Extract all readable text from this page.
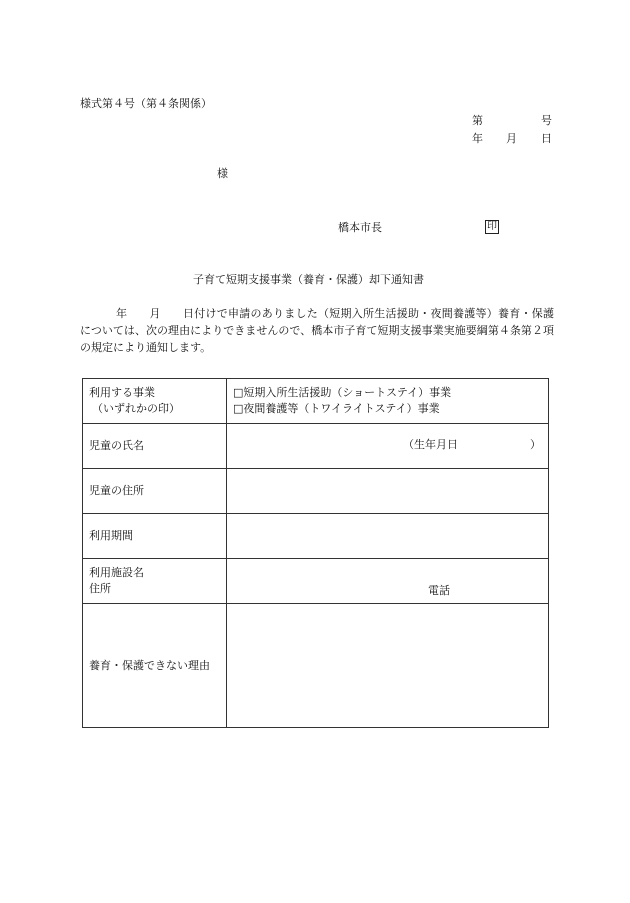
様式第４号（第４条関係）
第	号
年 月 日
様
橋本市長	印
子育て短期支援事業（養育・保護）却下通知書
年   月   日付けで申請のありました（短期入所生活援助・夜間養護等）養育・保護については、次の理由によりできませんので、橋本市子育て短期支援事業実施要綱第４条第２項の規定により通知します。
利用する事業
（いずれかの印）	□短期入所生活援助（ショートステイ）事業
□夜間養護等（トワイライトステイ）事業

児童の氏名	（生年月日 ）

児童の住所	
利用期間	

利用施設名
住所	電話

養育・保護できない理由	
